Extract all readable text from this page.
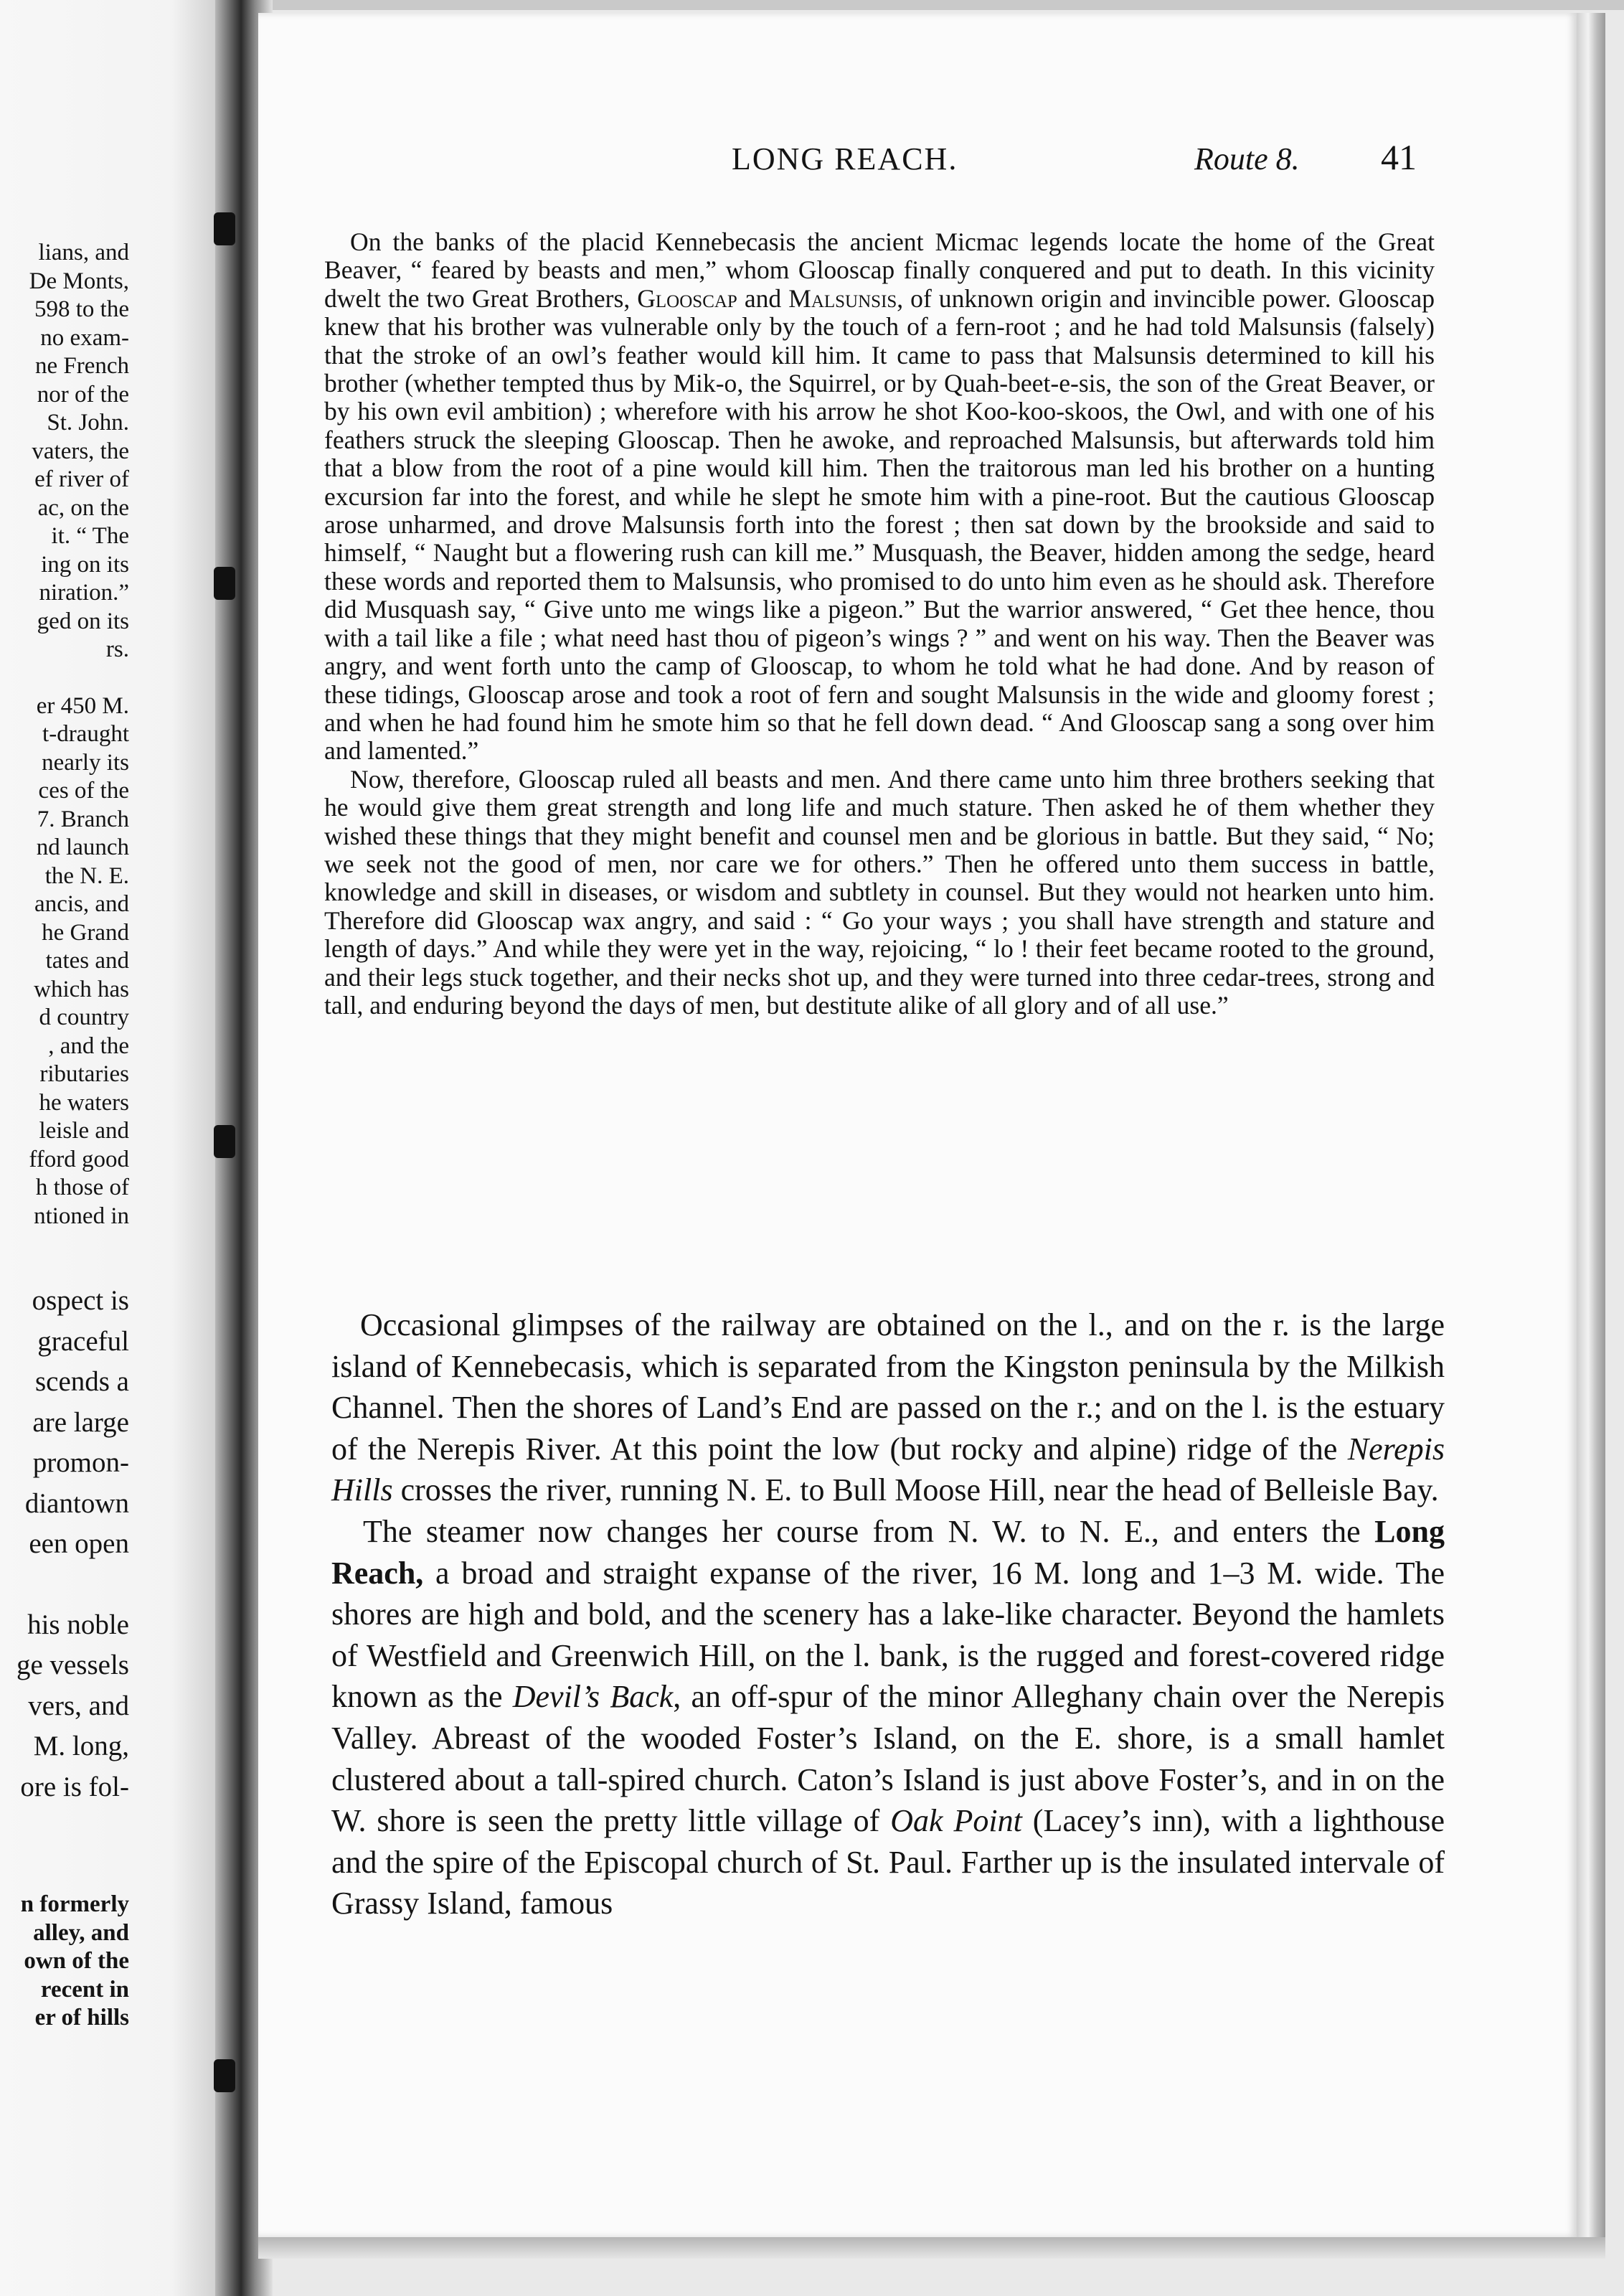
lians, and
De Monts,
598 to the
no exam-
ne French
nor of the
St. John.
vaters, the
ef river of
ac, on the
it. “ The
ing on its
niration.”
ged on its
rs.
er 450 M.
t-draught
nearly its
ces of the
7. Branch
nd launch
the N. E.
ancis, and
he Grand
tates and
which has
d country
, and the
ributaries
he waters
leisle and
fford good
h those of
ntioned in
ospect is
graceful
scends a
are large
promon-
diantown
een open
his noble
ge vessels
vers, and
M. long,
ore is fol-
n formerly
alley, and
own of the
recent in
er of hills
LONG REACH.	Route 8. 41

On the banks of the placid Kennebecasis the ancient Micmac legends locate the home of the Great Beaver, “ feared by beasts and men,” whom Glooscap finally conquered and put to death. In this vicinity dwelt the two Great Brothers, Glooscap and Malsunsis, of unknown origin and invincible power. Glooscap knew that his brother was vulnerable only by the touch of a fern-root ; and he had told Malsunsis (falsely) that the stroke of an owl’s feather would kill him. It came to pass that Malsunsis determined to kill his brother (whether tempted thus by Mik-o, the Squirrel, or by Quah-beet-e-sis, the son of the Great Beaver, or by his own evil ambition) ; wherefore with his arrow he shot Koo-koo-skoos, the Owl, and with one of his feathers struck the sleeping Glooscap. Then he awoke, and reproached Malsunsis, but afterwards told him that a blow from the root of a pine would kill him. Then the traitorous man led his brother on a hunting excursion far into the forest, and while he slept he smote him with a pine-root. But the cautious Glooscap arose unharmed, and drove Malsunsis forth into the forest ; then sat down by the brookside and said to himself, “ Naught but a flowering rush can kill me.” Musquash, the Beaver, hidden among the sedge, heard these words and reported them to Malsunsis, who promised to do unto him even as he should ask. Therefore did Musquash say, “ Give unto me wings like a pigeon.” But the warrior answered, “ Get thee hence, thou with a tail like a file ; what need hast thou of pigeon’s wings ? ” and went on his way. Then the Beaver was angry, and went forth unto the camp of Glooscap, to whom he told what he had done. And by reason of these tidings, Glooscap arose and took a root of fern and sought Malsunsis in the wide and gloomy forest ; and when he had found him he smote him so that he fell down dead. “ And Glooscap sang a song over him and lamented.”

Now, therefore, Glooscap ruled all beasts and men. And there came unto him three brothers seeking that he would give them great strength and long life and much stature. Then asked he of them whether they wished these things that they might benefit and counsel men and be glorious in battle. But they said, “ No; we seek not the good of men, nor care we for others.” Then he offered unto them success in battle, knowledge and skill in diseases, or wisdom and subtlety in counsel. But they would not hearken unto him. Therefore did Glooscap wax angry, and said : “ Go your ways ; you shall have strength and stature and length of days.” And while they were yet in the way, rejoicing, “ lo ! their feet became rooted to the ground, and their legs stuck together, and their necks shot up, and they were turned into three cedar-trees, strong and tall, and enduring beyond the days of men, but destitute alike of all glory and of all use.”

Occasional glimpses of the railway are obtained on the l., and on the r. is the large island of Kennebecasis, which is separated from the Kingston peninsula by the Milkish Channel. Then the shores of Land’s End are passed on the r.; and on the l. is the estuary of the Nerepis River. At this point the low (but rocky and alpine) ridge of the Nerepis Hills crosses the river, running N. E. to Bull Moose Hill, near the head of Belleisle Bay.

The steamer now changes her course from N. W. to N. E., and enters the Long Reach, a broad and straight expanse of the river, 16 M. long and 1–3 M. wide. The shores are high and bold, and the scenery has a lake-like character. Beyond the hamlets of Westfield and Greenwich Hill, on the l. bank, is the rugged and forest-covered ridge known as the Devil’s Back, an off-spur of the minor Alleghany chain over the Nerepis Valley. Abreast of the wooded Foster’s Island, on the E. shore, is a small hamlet clustered about a tall-spired church. Caton’s Island is just above Foster’s, and in on the W. shore is seen the pretty little village of Oak Point (Lacey’s inn), with a lighthouse and the spire of the Episcopal church of St. Paul. Farther up is the insulated intervale of Grassy Island, famous
